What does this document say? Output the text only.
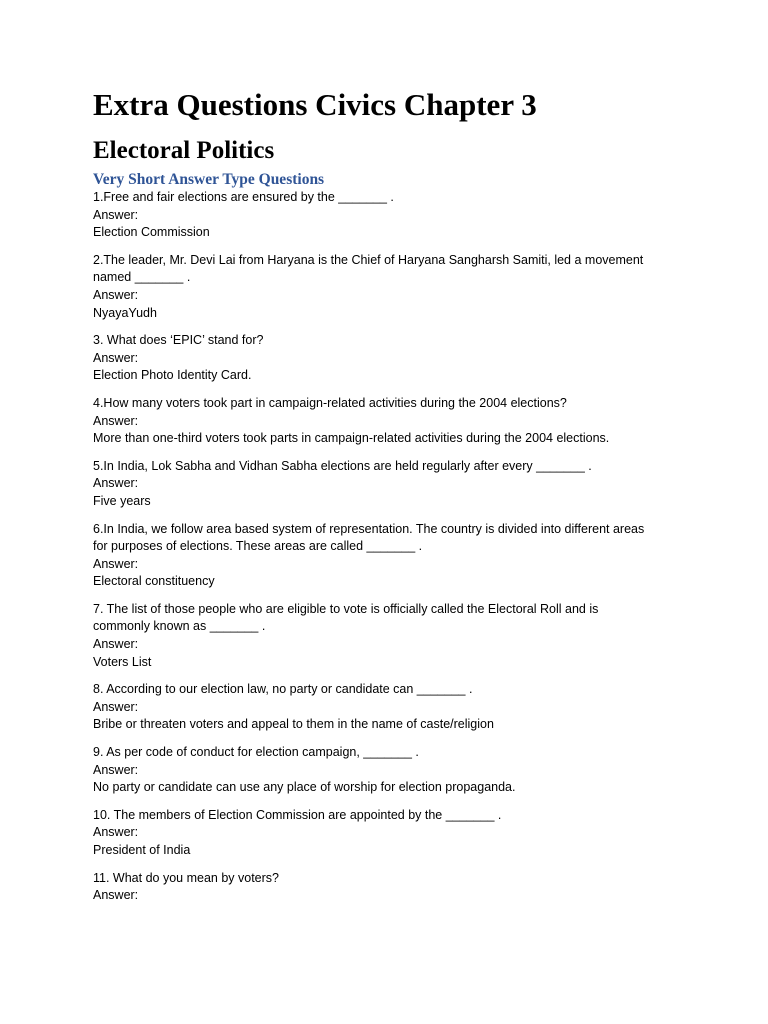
Extra Questions Civics Chapter 3
Electoral Politics
Very Short Answer Type Questions
1.Free and fair elections are ensured by the _______ .
Answer:
Election Commission
2.The leader, Mr. Devi Lai from Haryana is the Chief of Haryana Sangharsh Samiti, led a movement
named _______ .
Answer:
NyayaYudh
3. What does ‘EPIC’ stand for?
Answer:
Election Photo Identity Card.
4.How many voters took part in campaign-related activities during the 2004 elections?
Answer:
More than one-third voters took parts in campaign-related activities during the 2004 elections.
5.In India, Lok Sabha and Vidhan Sabha elections are held regularly after every _______ .
Answer:
Five years
6.In India, we follow area based system of representation. The country is divided into different areas
for purposes of elections. These areas are called _______ .
Answer:
Electoral constituency
7. The list of those people who are eligible to vote is officially called the Electoral Roll and is
commonly known as _______ .
Answer:
Voters List
8. According to our election law, no party or candidate can _______ .
Answer:
Bribe or threaten voters and appeal to them in the name of caste/religion
9. As per code of conduct for election campaign, _______ .
Answer:
No party or candidate can use any place of worship for election propaganda.
10. The members of Election Commission are appointed by the _______ .
Answer:
President of India
11. What do you mean by voters?
Answer:
